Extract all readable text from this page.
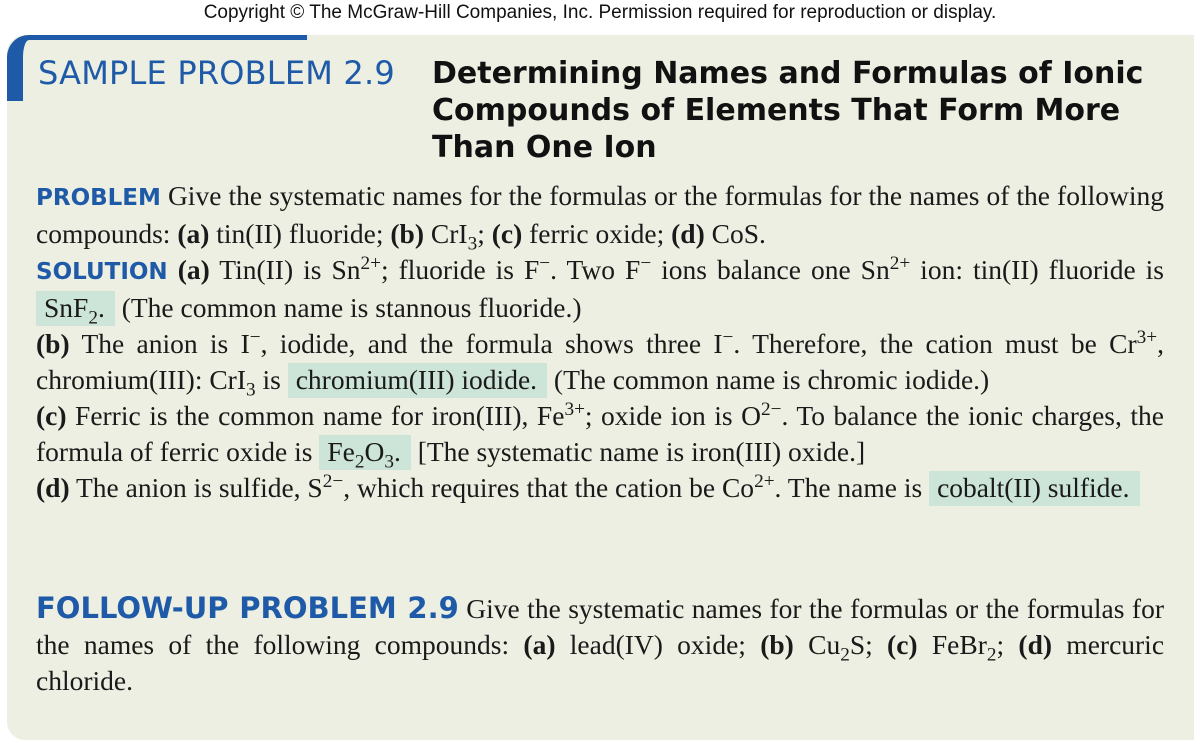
Copyright © The McGraw-Hill Companies, Inc. Permission required for reproduction or display.
SAMPLE PROBLEM 2.9 Determining Names and Formulas of Ionic
Compounds of Elements That Form More
Than One Ion

PROBLEM Give the systematic names for the formulas or the formulas for the names of the following compounds: (a) tin(II) fluoride; (b) CrI$_3$; (c) ferric oxide; (d) CoS.

SOLUTION (a) Tin(II) is $Sn^{2+}$; fluoride is F−. Two F− ions balance one $Sn^{2+}$ ion: tin(II) fluoride is SnF$_2$. (The common name is stannous fluoride.)

(b) The anion is I−, iodide, and the formula shows three I−. Therefore, the cation must be $Cr^{3+}$, chromium(III): CrI$_3$ is chromium(III) iodide. (The common name is chromic iodide.)

(c) Ferric is the common name for iron(III), $Fe^{3+}$; oxide ion is $O^{2-}$. To balance the ionic charges, the formula of ferric oxide is $Fe_2O_3$. [The systematic name is iron(III) oxide.]

(d) The anion is sulfide, $S^{2-}$, which requires that the cation be $Co^{2+}$. The name is cobalt(II) sulfide.

FOLLOW-UP PROBLEM 2.9 Give the systematic names for the formulas or the formulas for the names of the following compounds: (a) lead(IV) oxide; (b) $Cu_2S$; (c) FeBr$_2$; (d) mercuric chloride.
